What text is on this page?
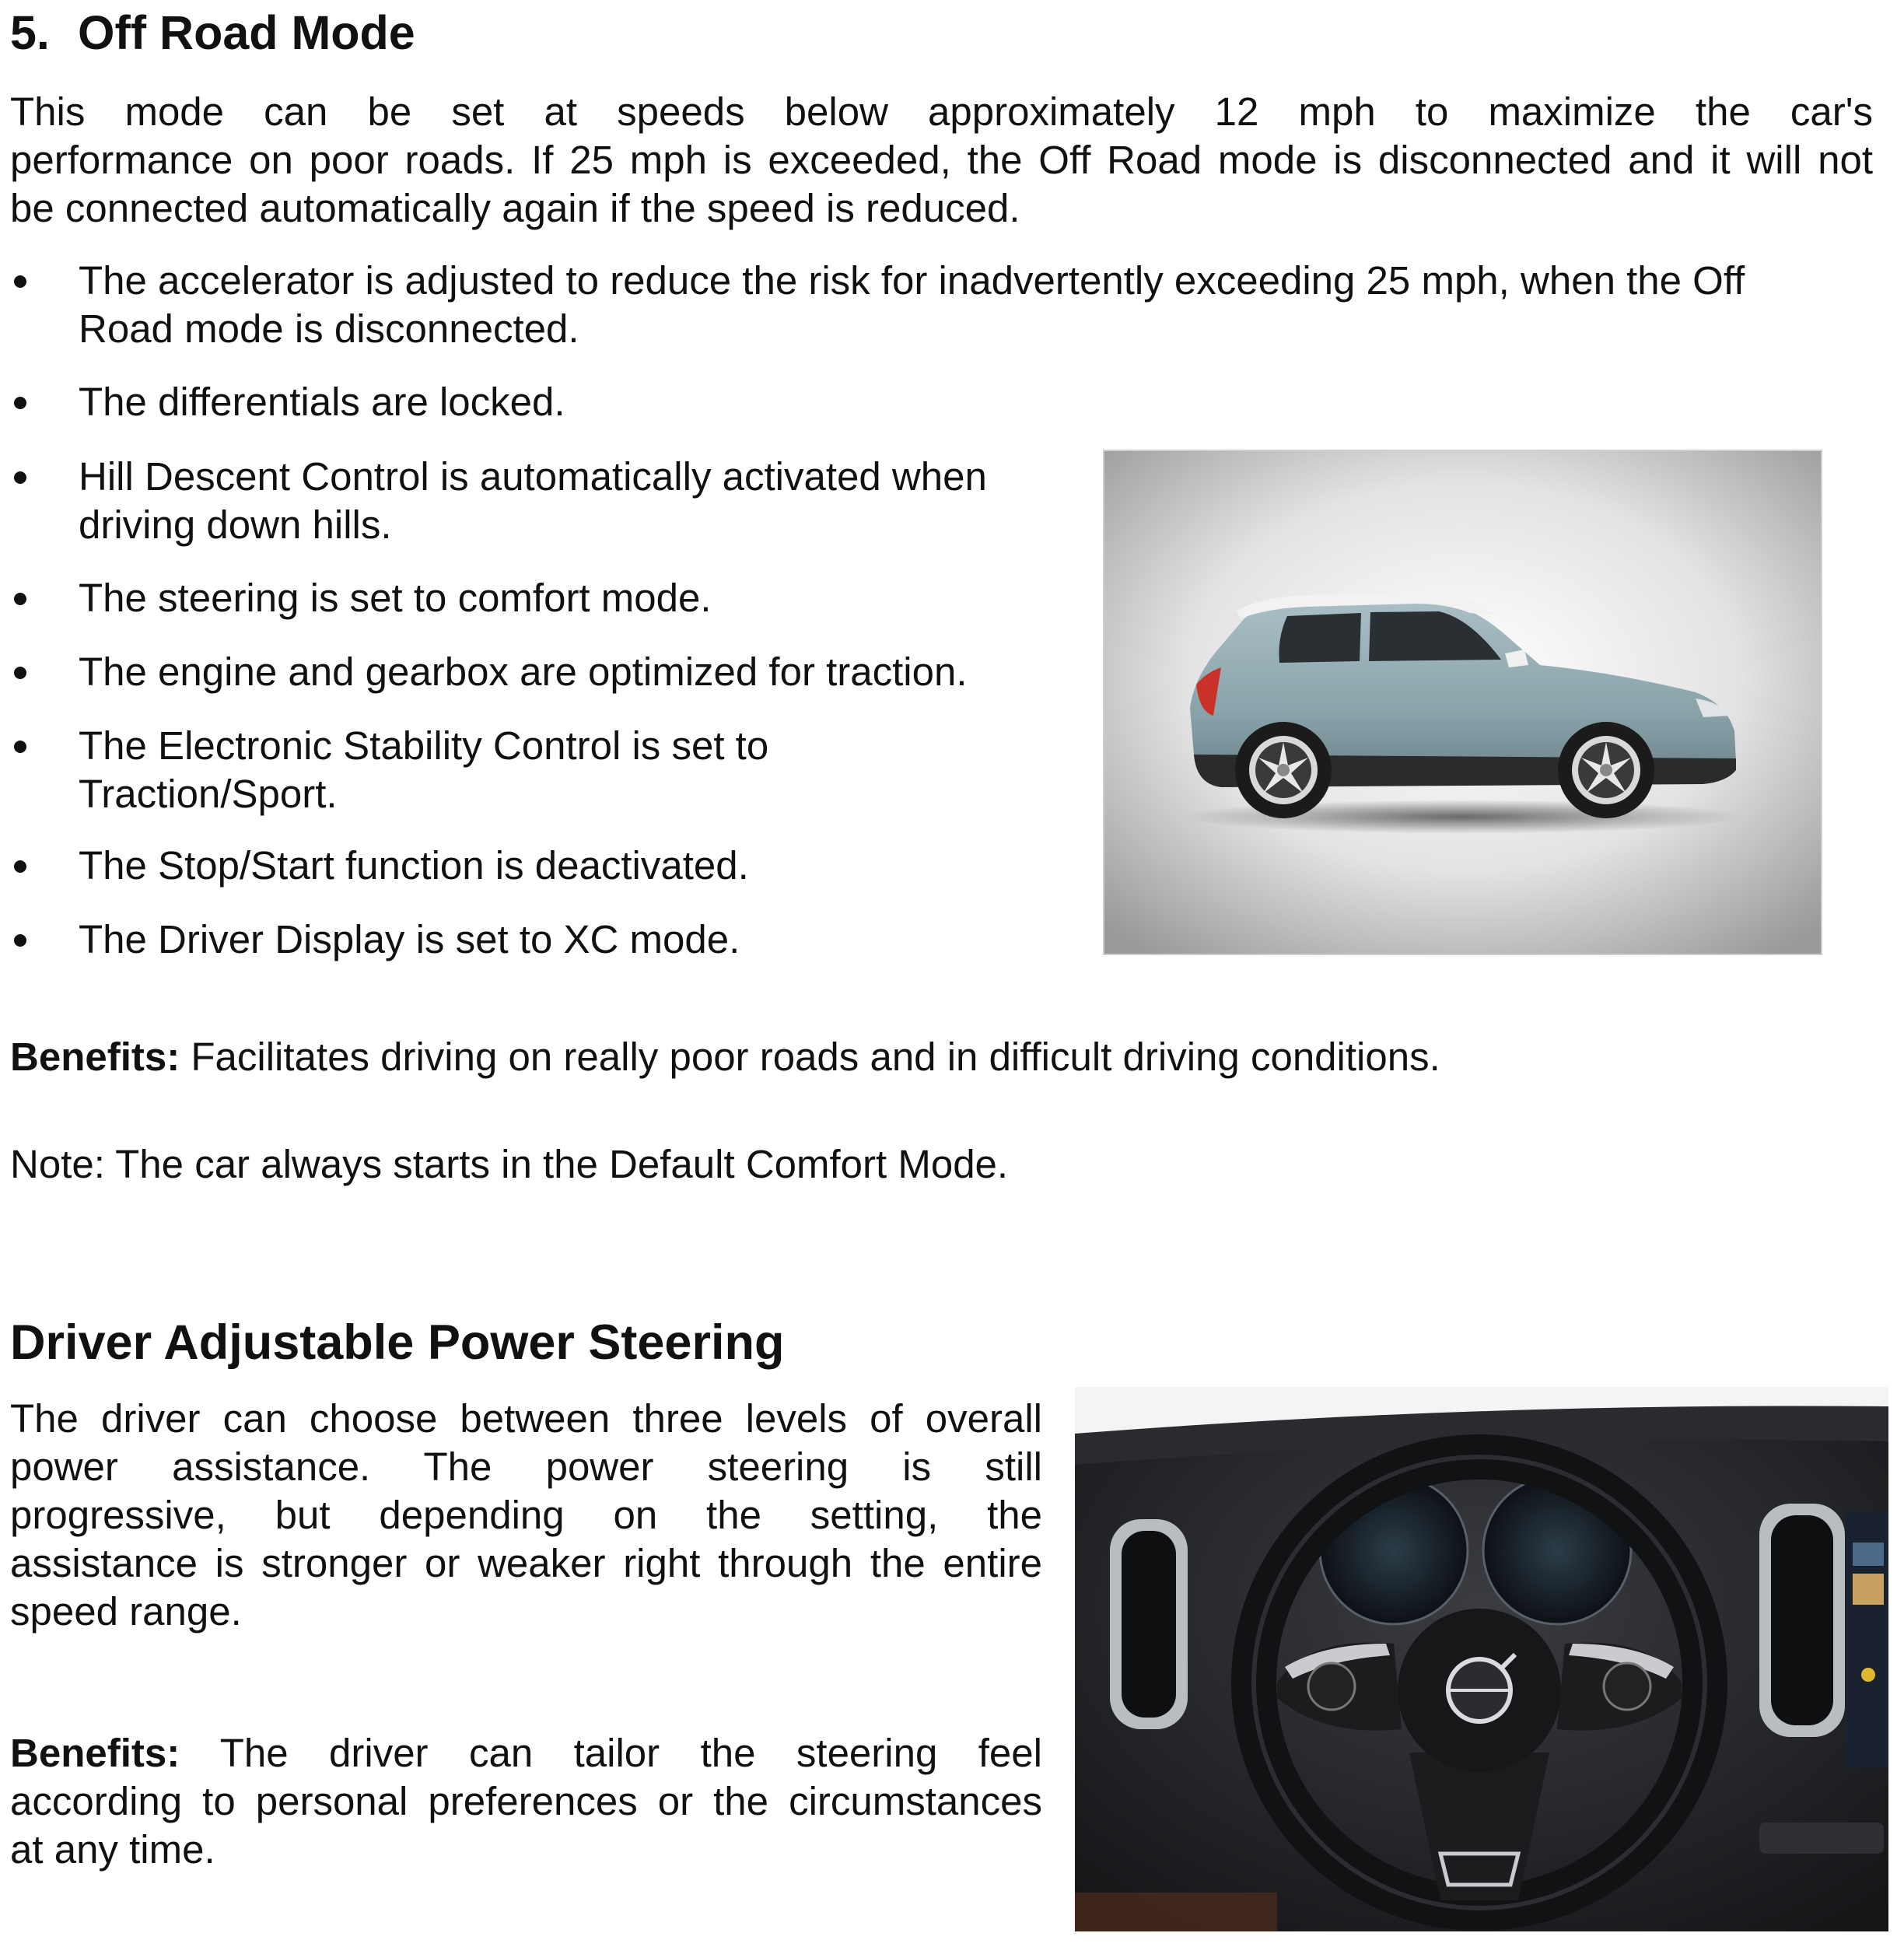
5. Off Road Mode
This mode can be set at speeds below approximately 12 mph to maximize the car's
performance on poor roads. If 25 mph is exceeded, the Off Road mode is disconnected and it will not
be connected automatically again if the speed is reduced.
The accelerator is adjusted to reduce the risk for inadvertently exceeding 25 mph, when the Off
Road mode is disconnected.
The differentials are locked.
Hill Descent Control is automatically activated when
driving down hills.
The steering is set to comfort mode.
The engine and gearbox are optimized for traction.
The Electronic Stability Control is set to
Traction/Sport.
The Stop/Start function is deactivated.
The Driver Display is set to XC mode.
Benefits: Facilitates driving on really poor roads and in difficult driving conditions.
Note: The car always starts in the Default Comfort Mode.
Driver Adjustable Power Steering
The driver can choose between three levels of overall
power assistance. The power steering is still
progressive, but depending on the setting, the
assistance is stronger or weaker right through the entire
speed range.
Benefits: The driver can tailor the steering feel
according to personal preferences or the circumstances
at any time.
